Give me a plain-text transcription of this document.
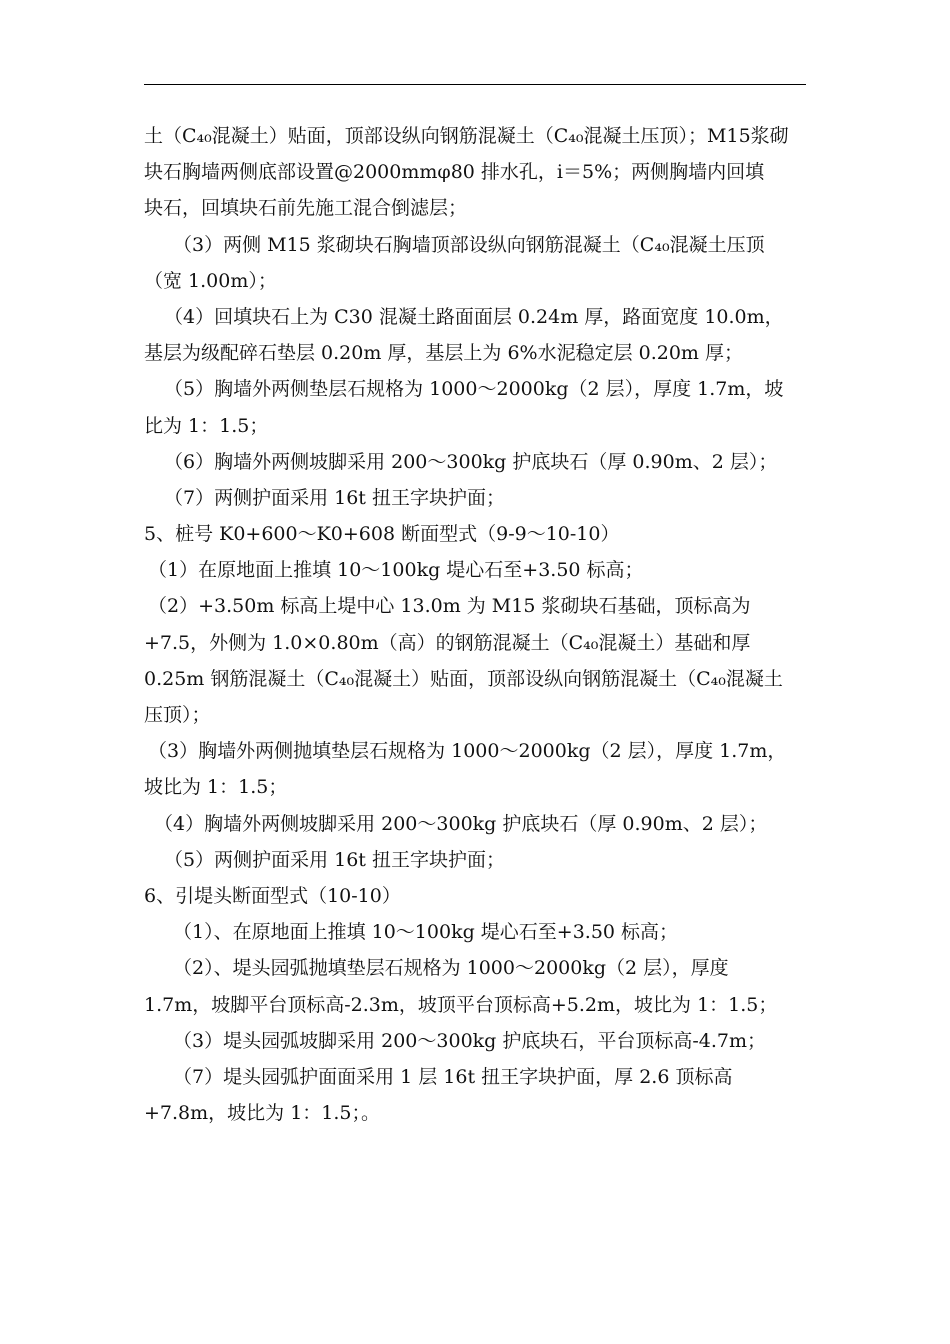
土（C₄₀混凝土）贴面，顶部设纵向钢筋混凝土（C₄₀混凝土压顶）；M15浆砌
块石胸墙两侧底部设置@2000mmφ80 排水孔，i＝5%；两侧胸墙内回填
块石，回填块石前先施工混合倒滤层；
（3）两侧 M15 浆砌块石胸墙顶部设纵向钢筋混凝土（C₄₀混凝土压顶
（宽 1.00m）；
（4）回填块石上为 C30 混凝土路面面层 0.24m 厚，路面宽度 10.0m，
基层为级配碎石垫层 0.20m 厚，基层上为 6%水泥稳定层 0.20m 厚；
（5）胸墙外两侧垫层石规格为 1000～2000kg（2 层），厚度 1.7m，坡
比为 1：1.5；
（6）胸墙外两侧坡脚采用 200～300kg 护底块石（厚 0.90m、2 层）；
（7）两侧护面采用 16t 扭王字块护面；
5、桩号 K0+600～K0+608 断面型式（9-9～10-10）
（1）在原地面上推填 10～100kg 堤心石至+3.50 标高；
（2）+3.50m 标高上堤中心 13.0m 为 M15 浆砌块石基础，顶标高为
+7.5，外侧为 1.0×0.80m（高）的钢筋混凝土（C₄₀混凝土）基础和厚
0.25m 钢筋混凝土（C₄₀混凝土）贴面，顶部设纵向钢筋混凝土（C₄₀混凝土
压顶）；
（3）胸墙外两侧抛填垫层石规格为 1000～2000kg（2 层），厚度 1.7m，
坡比为 1：1.5；
（4）胸墙外两侧坡脚采用 200～300kg 护底块石（厚 0.90m、2 层）；
（5）两侧护面采用 16t 扭王字块护面；
6、引堤头断面型式（10-10）
（1）、在原地面上推填 10～100kg 堤心石至+3.50 标高；
（2）、堤头园弧抛填垫层石规格为 1000～2000kg（2 层），厚度
1.7m，坡脚平台顶标高-2.3m，坡顶平台顶标高+5.2m，坡比为 1：1.5；
（3）堤头园弧坡脚采用 200～300kg 护底块石，平台顶标高-4.7m；
（7）堤头园弧护面面采用 1 层 16t 扭王字块护面，厚 2.6 顶标高
+7.8m，坡比为 1：1.5；。
